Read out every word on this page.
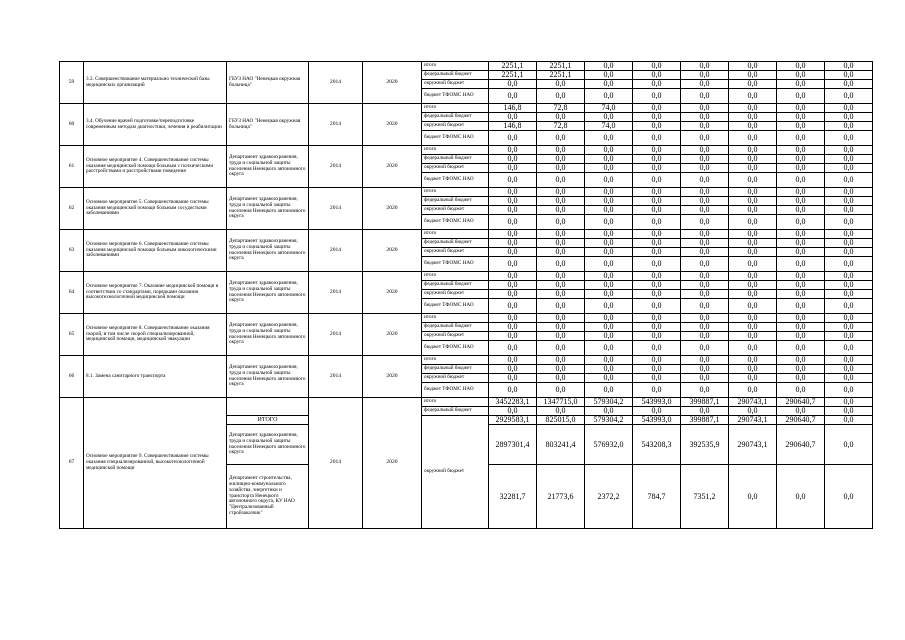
59	3.3. Совершенствование материально технической базы медицинских организаций	ГБУЗ НАО "Ненецкая окружная больница"	2014	2020	итого	2251,1	2251,1	0,0	0,0	0,0	0,0	0,0	0,0
					федеральный бюджет	2251,1	2251,1	0,0	0,0	0,0	0,0	0,0	0,0
					окружной бюджет	0,0	0,0	0,0	0,0	0,0	0,0	0,0	0,0
					бюджет ТФОМС НАО	0,0	0,0	0,0	0,0	0,0	0,0	0,0	0,0
60	3.4. Обучение врачей подготовке/переподготовке современным методам диагностики, лечения и реабилитации	ГБУЗ НАО "Ненецкая окружная больница"	2014	2020	итого	146,8	72,8	74,0	0,0	0,0	0,0	0,0	0,0
					федеральный бюджет	0,0	0,0	0,0	0,0	0,0	0,0	0,0	0,0
					окружной бюджет	146,8	72,8	74,0	0,0	0,0	0,0	0,0	0,0
					бюджет ТФОМС НАО	0,0	0,0	0,0	0,0	0,0	0,0	0,0	0,0
61	Основное мероприятие 4. Совершенствование системы оказания медицинской помощи больным с психическими расстройствами и расстройствами поведения	Департамент здравоохранения, труда и социальной защиты населения Ненецкого автономного округа	2014	2020	итого	0,0	0,0	0,0	0,0	0,0	0,0	0,0	0,0
					федеральный бюджет	0,0	0,0	0,0	0,0	0,0	0,0	0,0	0,0
					окружной бюджет	0,0	0,0	0,0	0,0	0,0	0,0	0,0	0,0
					бюджет ТФОМС НАО	0,0	0,0	0,0	0,0	0,0	0,0	0,0	0,0
62	Основное мероприятие 5. Совершенствование системы оказания медицинской помощи больным сосудистыми заболеваниями	Департамент здравоохранения, труда и социальной защиты населения Ненецкого автономного округа	2014	2020	итого	0,0	0,0	0,0	0,0	0,0	0,0	0,0	0,0
					федеральный бюджет	0,0	0,0	0,0	0,0	0,0	0,0	0,0	0,0
					окружной бюджет	0,0	0,0	0,0	0,0	0,0	0,0	0,0	0,0
					бюджет ТФОМС НАО	0,0	0,0	0,0	0,0	0,0	0,0	0,0	0,0
63	Основное мероприятие 6. Совершенствование системы оказания медицинской помощи больным онкологическими заболеваниями	Департамент здравоохранения, труда и социальной защиты населения Ненецкого автономного округа	2014	2020	итого	0,0	0,0	0,0	0,0	0,0	0,0	0,0	0,0
					федеральный бюджет	0,0	0,0	0,0	0,0	0,0	0,0	0,0	0,0
					окружной бюджет	0,0	0,0	0,0	0,0	0,0	0,0	0,0	0,0
					бюджет ТФОМС НАО	0,0	0,0	0,0	0,0	0,0	0,0	0,0	0,0
64	Основное мероприятие 7. Оказание медицинской помощи в соответствии со стандартами, порядками оказания высокотехнологичной медицинской помощи	Департамент здравоохранения, труда и социальной защиты населения Ненецкого автономного округа	2014	2020	итого	0,0	0,0	0,0	0,0	0,0	0,0	0,0	0,0
					федеральный бюджет	0,0	0,0	0,0	0,0	0,0	0,0	0,0	0,0
					окружной бюджет	0,0	0,0	0,0	0,0	0,0	0,0	0,0	0,0
					бюджет ТФОМС НАО	0,0	0,0	0,0	0,0	0,0	0,0	0,0	0,0
65	Основное мероприятие 8. Совершенствование оказания скорой, в том числе скорой специализированной, медицинской помощи, медицинской эвакуации	Департамент здравоохранения, труда и социальной защиты населения Ненецкого автономного округа	2014	2020	итого	0,0	0,0	0,0	0,0	0,0	0,0	0,0	0,0
					федеральный бюджет	0,0	0,0	0,0	0,0	0,0	0,0	0,0	0,0
					окружной бюджет	0,0	0,0	0,0	0,0	0,0	0,0	0,0	0,0
					бюджет ТФОМС НАО	0,0	0,0	0,0	0,0	0,0	0,0	0,0	0,0
66	8.1. Замена санитарного транспорта	Департамент здравоохранения, труда и социальной защиты населения Ненецкого автономного округа	2014	2020	итого	0,0	0,0	0,0	0,0	0,0	0,0	0,0	0,0
					федеральный бюджет	0,0	0,0	0,0	0,0	0,0	0,0	0,0	0,0
					окружной бюджет	0,0	0,0	0,0	0,0	0,0	0,0	0,0	0,0
					бюджет ТФОМС НАО	0,0	0,0	0,0	0,0	0,0	0,0	0,0	0,0
67	Основное мероприятие 9. Совершенствование системы оказания специализированной, высокотехнологичной медицинской помощи		2014	2020	итого	3452283,1	1347715,0	579304,2	543993,0	399887,1	290743,1	290640,7	0,0
					федеральный бюджет	0,0	0,0	0,0	0,0	0,0	0,0	0,0	0,0
		ИТОГО			окружной бюджет	2929583,1	825015,0	579304,2	543993,0	399887,1	290743,1	290640,7	0,0
		Департамент здравоохранения, труда и социальной защиты населения Ненецкого автономного округа				2897301,4	803241,4	576932,0	543208,3	392535,9	290743,1	290640,7	0,0
		Департамент строительства, жилищно-коммунального хозяйства, энергетики и транспорта Ненецкого автономного округа, КУ НАО "Централизованный стройзаказчик"				32281,7	21773,6	2372,2	784,7	7351,2	0,0	0,0	0,0
